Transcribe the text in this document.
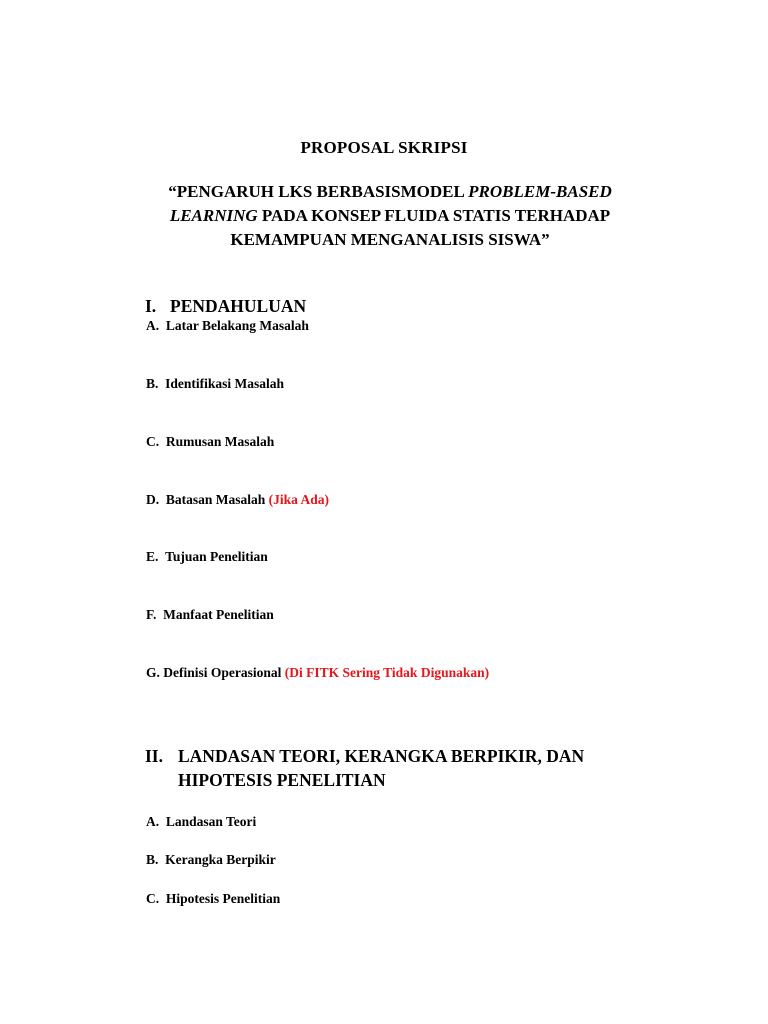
PROPOSAL SKRIPSI
“PENGARUH LKS BERBASISMODEL PROBLEM-BASED LEARNING PADA KONSEP FLUIDA STATIS TERHADAP KEMAMPUAN MENGANALISIS SISWA”
I. PENDAHULUAN
A. Latar Belakang Masalah
B. Identifikasi Masalah
C. Rumusan Masalah
D. Batasan Masalah (Jika Ada)
E. Tujuan Penelitian
F. Manfaat Penelitian
G. Definisi Operasional (Di FITK Sering Tidak Digunakan)
II. LANDASAN TEORI, KERANGKA BERPIKIR, DAN HIPOTESIS PENELITIAN
A. Landasan Teori
B. Kerangka Berpikir
C. Hipotesis Penelitian
